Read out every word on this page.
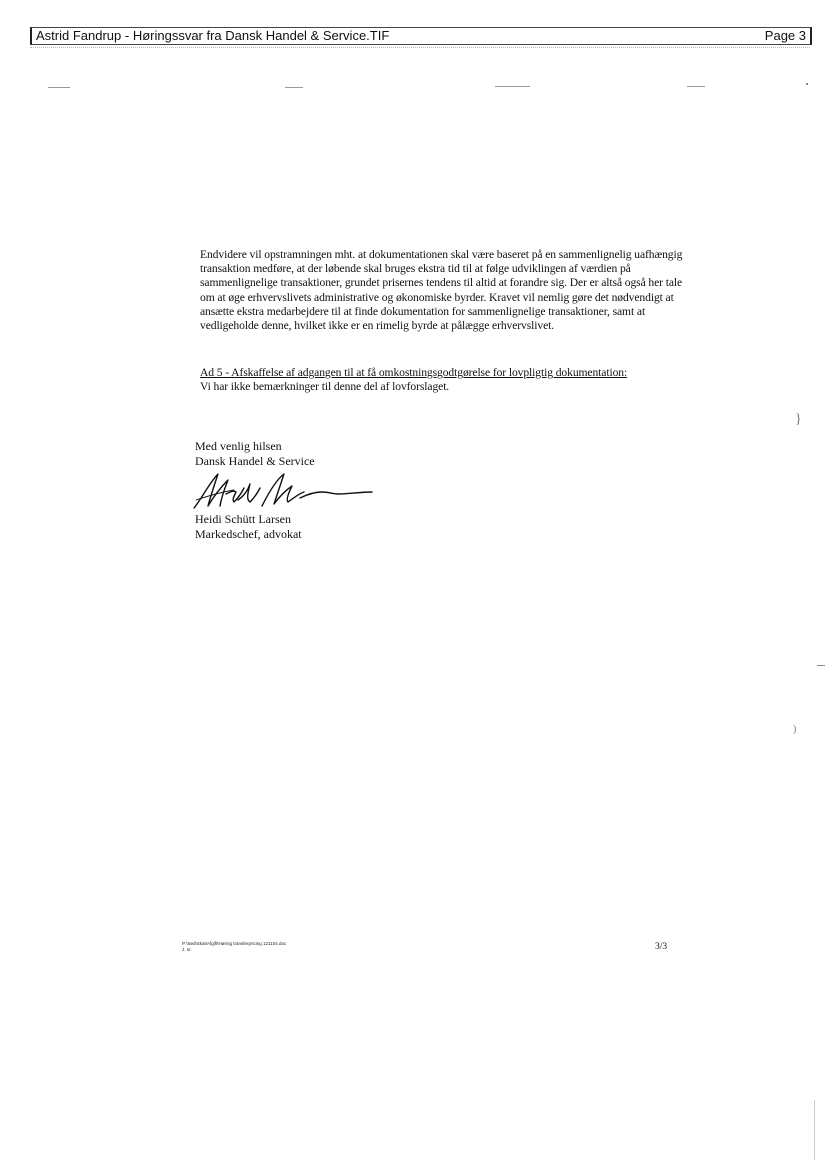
Astrid Fandrup - Høringssvar fra Dansk Handel & Service.TIF	Page 3
}
)

Endvidere vil opstramningen mht. at dokumentationen skal være baseret på en sammenlignelig uafhængig transaktion medføre, at der løbende skal bruges ekstra tid til at følge udviklingen af værdien på sammenlignelige transaktioner, grundet prisernes tendens til altid at forandre sig. Der er altså også her tale om at øge erhvervslivets administrative og økonomiske byrder. Kravet vil nemlig gøre det nødvendigt at ansætte ekstra medarbejdere til at finde dokumentation for sammenlignelige transaktioner, samt at vedligeholde denne, hvilket ikke er en rimelig byrde at pålægge erhvervslivet.

Ad 5 - Afskaffelse af adgangen til at få omkostningsgodtgørelse for lovpligtig dokumentation:
Vi har ikke bemærkninger til denne del af lovforslaget.
Med venlig hilsen
Dansk Handel & Service
Heidi Schütt Larsen
Markedschef, advokat
P:\Sed\Skat\Afgift\Høring transferpricing 121104.doc
J. nr.	3/3
